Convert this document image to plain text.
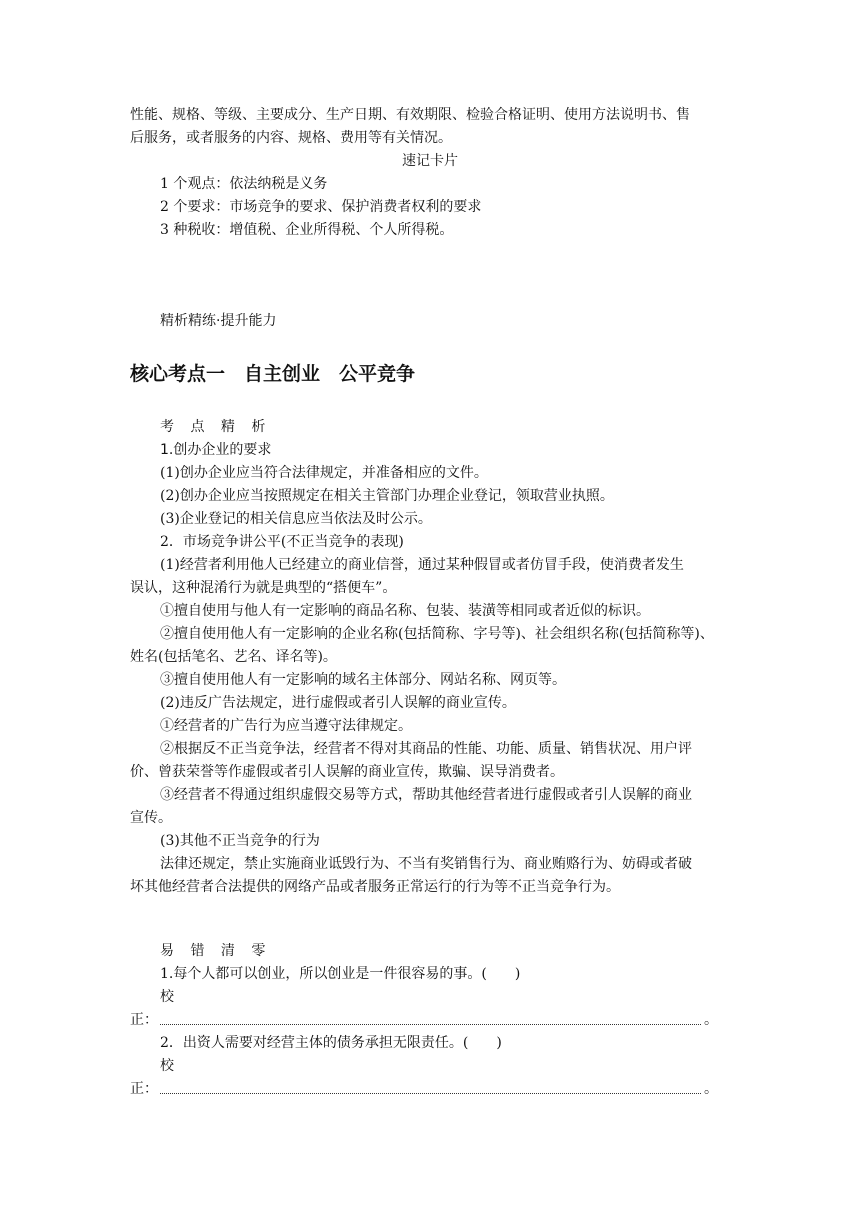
性能、规格、等级、主要成分、生产日期、有效期限、检验合格证明、使用方法说明书、售
后服务，或者服务的内容、规格、费用等有关情况。
速记卡片
1 个观点：依法纳税是义务
2 个要求：市场竞争的要求、保护消费者权利的要求
3 种税收：增值税、企业所得税、个人所得税。
精析精练·提升能力
核心考点一　自主创业　公平竞争
考 点 精 析
1.创办企业的要求
(1)创办企业应当符合法律规定，并准备相应的文件。
(2)创办企业应当按照规定在相关主管部门办理企业登记，领取营业执照。
(3)企业登记的相关信息应当依法及时公示。
2．市场竞争讲公平(不正当竞争的表现)
(1)经营者利用他人已经建立的商业信誉，通过某种假冒或者仿冒手段，使消费者发生
误认，这种混淆行为就是典型的“搭便车”。
①擅自使用与他人有一定影响的商品名称、包装、装潢等相同或者近似的标识。
②擅自使用他人有一定影响的企业名称(包括简称、字号等)、社会组织名称(包括简称等)、
姓名(包括笔名、艺名、译名等)。
③擅自使用他人有一定影响的域名主体部分、网站名称、网页等。
(2)违反广告法规定，进行虚假或者引人误解的商业宣传。
①经营者的广告行为应当遵守法律规定。
②根据反不正当竞争法，经营者不得对其商品的性能、功能、质量、销售状况、用户评
价、曾获荣誉等作虚假或者引人误解的商业宣传，欺骗、误导消费者。
③经营者不得通过组织虚假交易等方式，帮助其他经营者进行虚假或者引人误解的商业
宣传。
(3)其他不正当竞争的行为
法律还规定，禁止实施商业诋毁行为、不当有奖销售行为、商业贿赂行为、妨碍或者破
坏其他经营者合法提供的网络产品或者服务正常运行的行为等不正当竞争行为。
易 错 清 零
1.每个人都可以创业，所以创业是一件很容易的事。(　　)
校
正：	。
2．出资人需要对经营主体的债务承担无限责任。(　　)
校
正：	。
